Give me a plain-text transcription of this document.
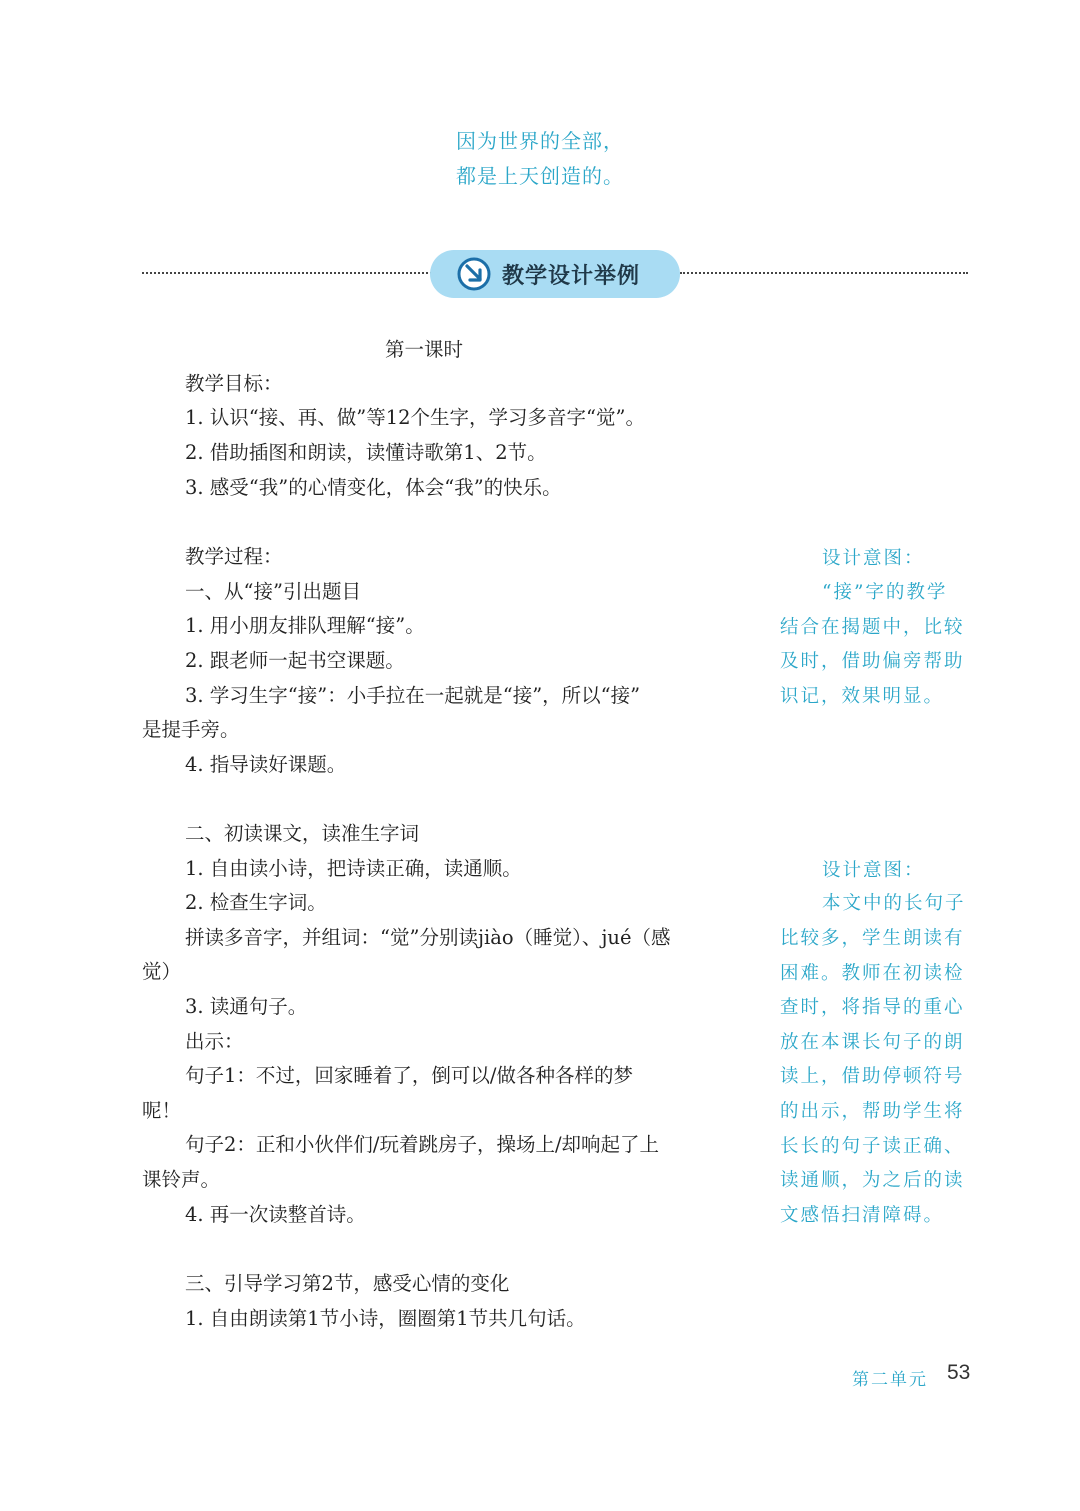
因为世界的全部，
都是上天创造的。
教学设计举例
第一课时
教学目标：
1. 认识“接、再、做”等12个生字，学习多音字“觉”。
2. 借助插图和朗读，读懂诗歌第1、2节。
3. 感受“我”的心情变化，体会“我”的快乐。
教学过程：
一、从“接”引出题目
1. 用小朋友排队理解“接”。
2. 跟老师一起书空课题。
3. 学习生字“接”：小手拉在一起就是“接”，所以“接”
是提手旁。
4. 指导读好课题。
二、初读课文，读准生字词
1. 自由读小诗，把诗读正确，读通顺。
2. 检查生字词。
拼读多音字，并组词：“觉”分别读jiào（睡觉）、jué（感
觉）
3. 读通句子。
出示：
句子1：不过，回家睡着了，倒可以/做各种各样的梦
呢！
句子2：正和小伙伴们/玩着跳房子，操场上/却响起了上
课铃声。
4. 再一次读整首诗。
三、引导学习第2节，感受心情的变化
1. 自由朗读第1节小诗，圈圈第1节共几句话。
设计意图：
“接”字的教学
结合在揭题中，比较
及时，借助偏旁帮助
识记，效果明显。
设计意图：
本文中的长句子
比较多，学生朗读有
困难。教师在初读检
查时，将指导的重心
放在本课长句子的朗
读上，借助停顿符号
的出示，帮助学生将
长长的句子读正确、
读通顺，为之后的读
文感悟扫清障碍。
第二单元 53
